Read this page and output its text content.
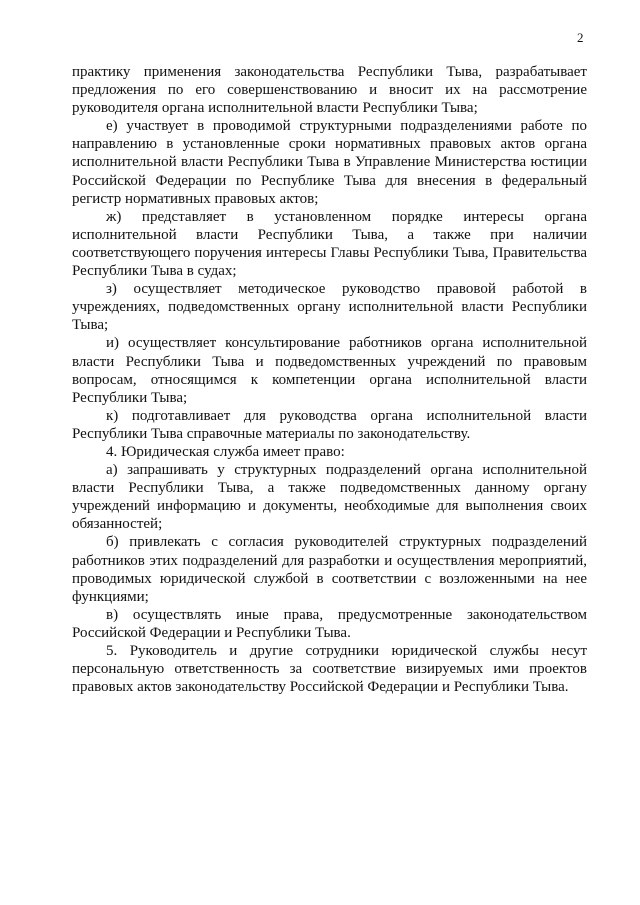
2

практику применения законодательства Республики Тыва, разрабатывает предложения по его совершенствованию и вносит их на рассмотрение руководителя органа исполнительной власти Республики Тыва;

е) участвует в проводимой структурными подразделениями работе по направлению в установленные сроки нормативных правовых актов органа исполнительной власти Республики Тыва в Управление Министерства юстиции Российской Федерации по Республике Тыва для внесения в федеральный регистр нормативных правовых актов;

ж) представляет в установленном порядке интересы органа исполнительной власти Республики Тыва, а также при наличии соответствующего поручения интересы Главы Республики Тыва, Правительства Республики Тыва в судах;

з) осуществляет методическое руководство правовой работой в учреждениях, подведомственных органу исполнительной власти Республики Тыва;

и) осуществляет консультирование работников органа исполнительной власти Республики Тыва и подведомственных учреждений по правовым вопросам, относящимся к компетенции органа исполнительной власти Республики Тыва;

к) подготавливает для руководства органа исполнительной власти Республики Тыва справочные материалы по законодательству.

4. Юридическая служба имеет право:

а) запрашивать у структурных подразделений органа исполнительной власти Республики Тыва, а также подведомственных данному органу учреждений информацию и документы, необходимые для выполнения своих обязанностей;

б) привлекать с согласия руководителей структурных подразделений работников этих подразделений для разработки и осуществления мероприятий, проводимых юридической службой в соответствии с возложенными на нее функциями;

в) осуществлять иные права, предусмотренные законодательством Российской Федерации и Республики Тыва.

5. Руководитель и другие сотрудники юридической службы несут персональную ответственность за соответствие визируемых ими проектов правовых актов законодательству Российской Федерации и Республики Тыва.
